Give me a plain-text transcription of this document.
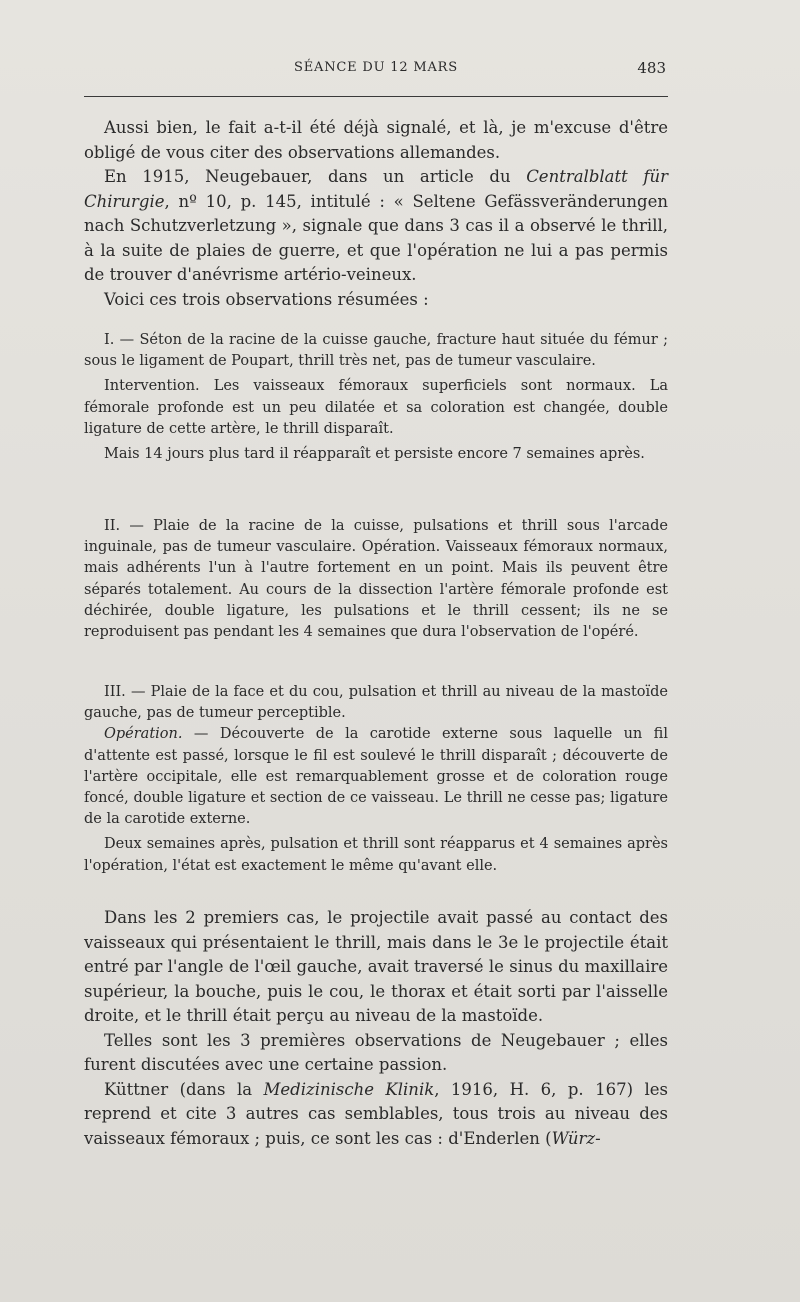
SÉANCE DU 12 MARS	483

Aussi bien, le fait a-t-il été déjà signalé, et là, je m'excuse d'être obligé de vous citer des observations allemandes.

En 1915, Neugebauer, dans un article du Centralblatt für Chirurgie, nº 10, p. 145, intitulé : « Seltene Gefässveränderungen nach Schutzverletzung », signale que dans 3 cas il a observé le thrill, à la suite de plaies de guerre, et que l'opération ne lui a pas permis de trouver d'anévrisme artério-veineux.

Voici ces trois observations résumées :

I. — Séton de la racine de la cuisse gauche, fracture haut située du fémur ; sous le ligament de Poupart, thrill très net, pas de tumeur vasculaire.

Intervention. Les vaisseaux fémoraux superficiels sont normaux. La fémorale profonde est un peu dilatée et sa coloration est changée, double ligature de cette artère, le thrill disparaît.

Mais 14 jours plus tard il réapparaît et persiste encore 7 semaines après.

II. — Plaie de la racine de la cuisse, pulsations et thrill sous l'arcade inguinale, pas de tumeur vasculaire. Opération. Vaisseaux fémoraux normaux, mais adhérents l'un à l'autre fortement en un point. Mais ils peuvent être séparés totalement. Au cours de la dissection l'artère fémorale profonde est déchirée, double ligature, les pulsations et le thrill cessent; ils ne se reproduisent pas pendant les 4 semaines que dura l'observation de l'opéré.

III. — Plaie de la face et du cou, pulsation et thrill au niveau de la mastoïde gauche, pas de tumeur perceptible.

Opération. — Découverte de la carotide externe sous laquelle un fil d'attente est passé, lorsque le fil est soulevé le thrill disparaît ; découverte de l'artère occipitale, elle est remarquablement grosse et de coloration rouge foncé, double ligature et section de ce vaisseau. Le thrill ne cesse pas; ligature de la carotide externe.

Deux semaines après, pulsation et thrill sont réapparus et 4 semaines après l'opération, l'état est exactement le même qu'avant elle.

Dans les 2 premiers cas, le projectile avait passé au contact des vaisseaux qui présentaient le thrill, mais dans le 3e le projectile était entré par l'angle de l'œil gauche, avait traversé le sinus du maxillaire supérieur, la bouche, puis le cou, le thorax et était sorti par l'aisselle droite, et le thrill était perçu au niveau de la mastoïde.

Telles sont les 3 premières observations de Neugebauer ; elles furent discutées avec une certaine passion.

Küttner (dans la Medizinische Klinik, 1916, H. 6, p. 167) les reprend et cite 3 autres cas semblables, tous trois au niveau des vaisseaux fémoraux ; puis, ce sont les cas : d'Enderlen (Würz-
